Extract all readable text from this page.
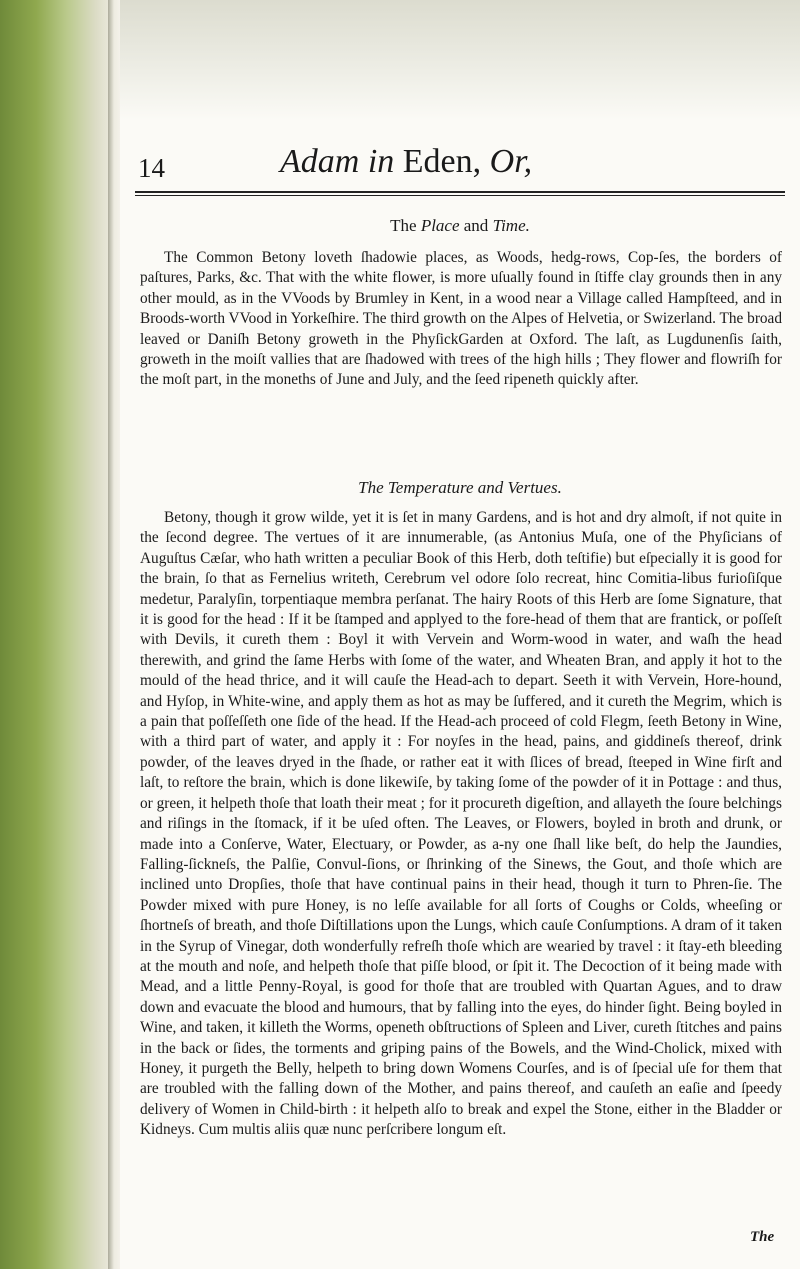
14	Adam in Eden, Or,

The Place and Time.

The Common Betony loveth ſhadowie places, as Woods, hedg-rows, Cop-ſes, the borders of paſtures, Parks, &c. That with the white flower, is more uſually found in ſtiffe clay grounds then in any other mould, as in the VVoods by Brumley in Kent, in a wood near a Village called Hampſteed, and in Broods-worth VVood in Yorkeſhire. The third growth on the Alpes of Helvetia, or Swizerland. The broad leaved or Daniſh Betony groweth in the PhyſickGarden at Oxford. The laſt, as Lugdunenſis ſaith, groweth in the moiſt vallies that are ſhadowed with trees of the high hills ; They flower and flowriſh for the moſt part, in the moneths of June and July, and the ſeed ripeneth quickly after.

The Temperature and Vertues.

Betony, though it grow wilde, yet it is ſet in many Gardens, and is hot and dry almoſt, if not quite in the ſecond degree. The vertues of it are innumerable, (as Antonius Muſa, one of the Phyſicians of Auguſtus Cæſar, who hath written a peculiar Book of this Herb, doth teſtifie) but eſpecially it is good for the brain, ſo that as Fernelius writeth, Cerebrum vel odore ſolo recreat, hinc Comitia-libus furioſiſque medetur, Paralyſin, torpentiaque membra perſanat. The hairy Roots of this Herb are ſome Signature, that it is good for the head : If it be ſtamped and applyed to the fore-head of them that are frantick, or poſſeſt with Devils, it cureth them : Boyl it with Vervein and Worm-wood in water, and waſh the head therewith, and grind the ſame Herbs with ſome of the water, and Wheaten Bran, and apply it hot to the mould of the head thrice, and it will cauſe the Head-ach to depart. Seeth it with Vervein, Hore-hound, and Hyſop, in White-wine, and apply them as hot as may be ſuffered, and it cureth the Megrim, which is a pain that poſſeſſeth one ſide of the head. If the Head-ach proceed of cold Flegm, ſeeth Betony in Wine, with a third part of water, and apply it : For noyſes in the head, pains, and giddineſs thereof, drink powder, of the leaves dryed in the ſhade, or rather eat it with ſlices of bread, ſteeped in Wine firſt and laſt, to reſtore the brain, which is done likewiſe, by taking ſome of the powder of it in Pottage : and thus, or green, it helpeth thoſe that loath their meat ; for it procureth digeſtion, and allayeth the ſoure belchings and riſings in the ſtomack, if it be uſed often. The Leaves, or Flowers, boyled in broth and drunk, or made into a Conſerve, Water, Electuary, or Powder, as a-ny one ſhall like beſt, do help the Jaundies, Falling-ſickneſs, the Palſie, Convul-ſions, or ſhrinking of the Sinews, the Gout, and thoſe which are inclined unto Dropſies, thoſe that have continual pains in their head, though it turn to Phren-ſie. The Powder mixed with pure Honey, is no leſſe available for all ſorts of Coughs or Colds, wheeſing or ſhortneſs of breath, and thoſe Diſtillations upon the Lungs, which cauſe Conſumptions. A dram of it taken in the Syrup of Vinegar, doth wonderfully refreſh thoſe which are wearied by travel : it ſtay-eth bleeding at the mouth and noſe, and helpeth thoſe that piſſe blood, or ſpit it. The Decoction of it being made with Mead, and a little Penny-Royal, is good for thoſe that are troubled with Quartan Agues, and to draw down and evacuate the blood and humours, that by falling into the eyes, do hinder ſight. Being boyled in Wine, and taken, it killeth the Worms, openeth obſtructions of Spleen and Liver, cureth ſtitches and pains in the back or ſides, the torments and griping pains of the Bowels, and the Wind-Cholick, mixed with Honey, it purgeth the Belly, helpeth to bring down Womens Courſes, and is of ſpecial uſe for them that are troubled with the falling down of the Mother, and pains thereof, and cauſeth an eaſie and ſpeedy delivery of Women in Child-birth : it helpeth alſo to break and expel the Stone, either in the Bladder or Kidneys. Cum multis aliis quæ nunc perſcribere longum eſt.

The
